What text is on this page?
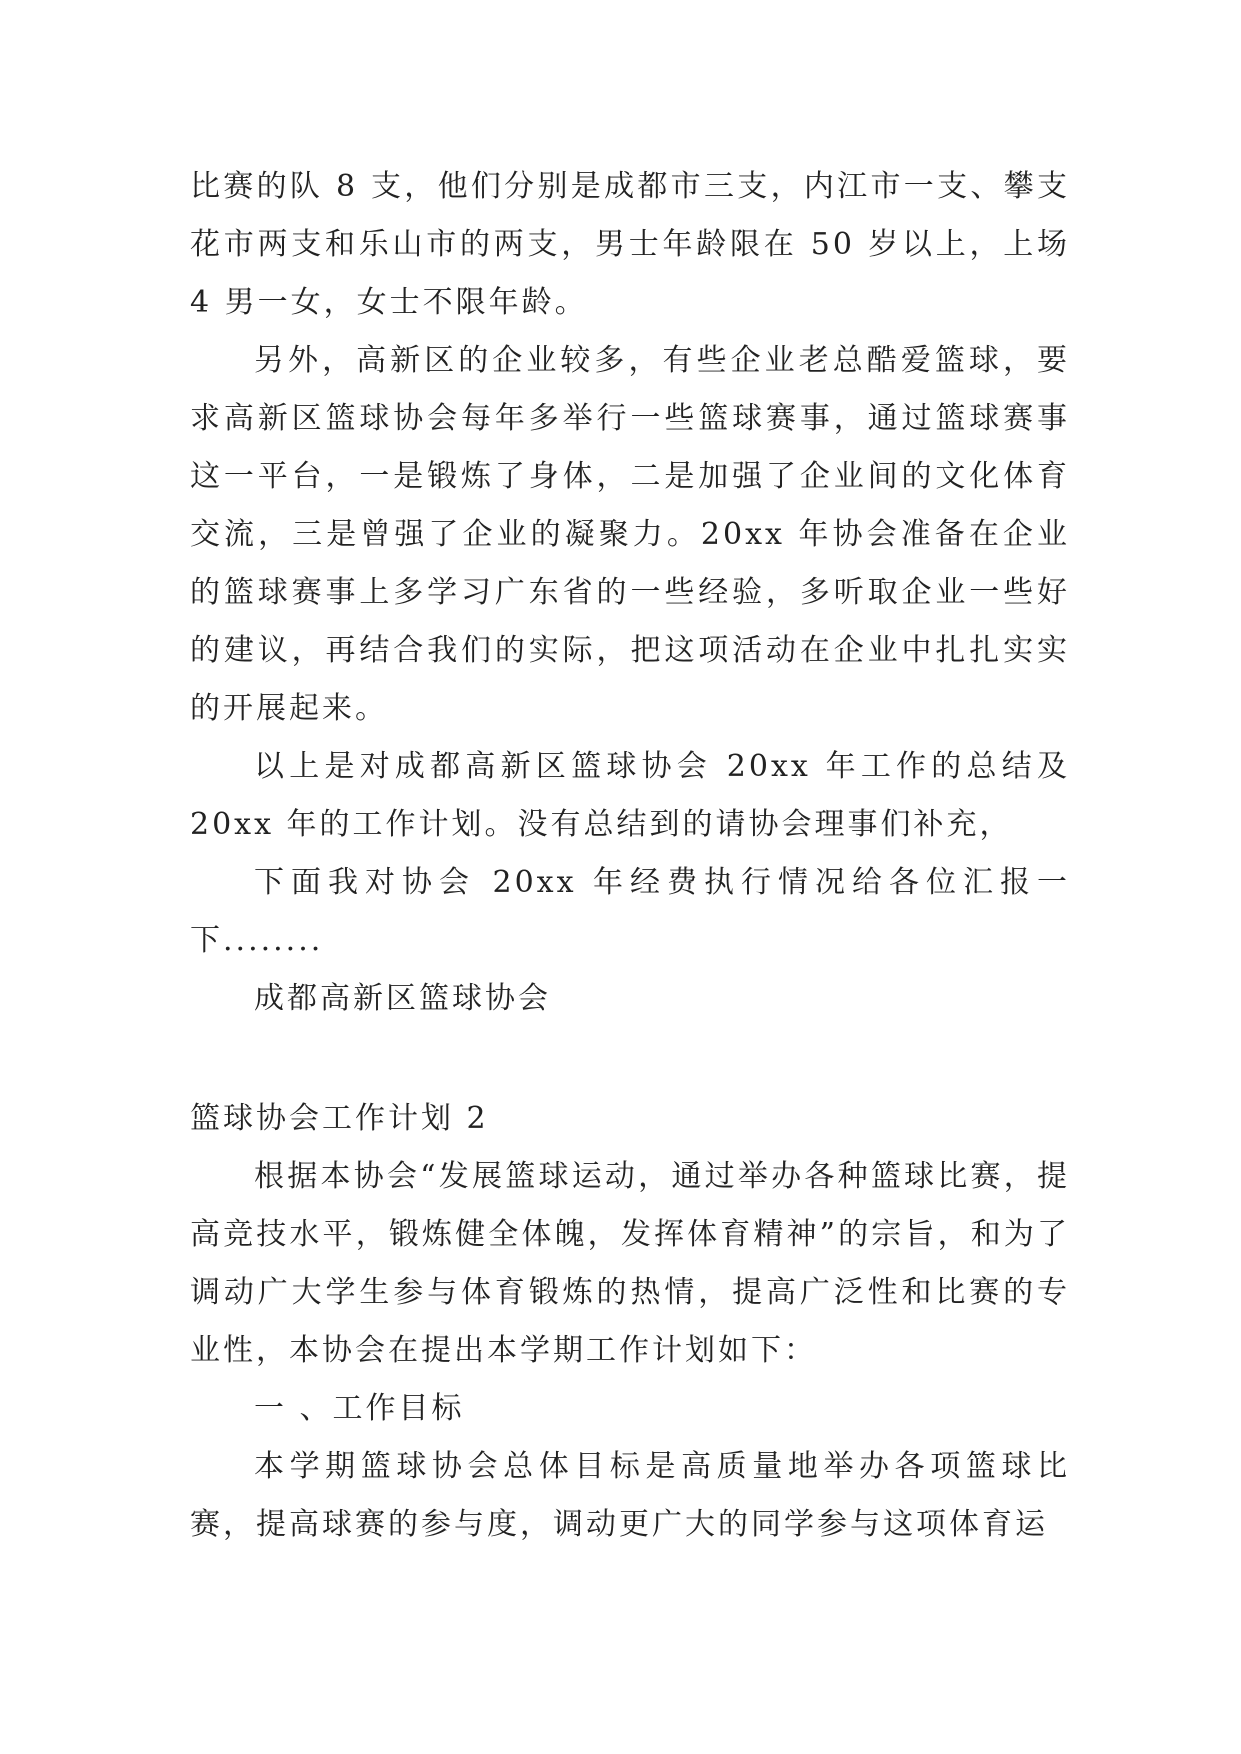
比赛的队 8 支，他们分别是成都市三支，内江市一支、攀支花市两支和乐山市的两支，男士年龄限在 50 岁以上，上场 4 男一女，女士不限年龄。

另外，高新区的企业较多，有些企业老总酷爱篮球，要求高新区篮球协会每年多举行一些篮球赛事，通过篮球赛事这一平台，一是锻炼了身体，二是加强了企业间的文化体育交流，三是曾强了企业的凝聚力。20xx 年协会准备在企业的篮球赛事上多学习广东省的一些经验，多听取企业一些好的建议，再结合我们的实际，把这项活动在企业中扎扎实实的开展起来。

以上是对成都高新区篮球协会 20xx 年工作的总结及 20xx 年的工作计划。没有总结到的请协会理事们补充，

下面我对协会 20xx 年经费执行情况给各位汇报一下........

成都高新区篮球协会

篮球协会工作计划 2

根据本协会“发展篮球运动，通过举办各种篮球比赛，提高竞技水平，锻炼健全体魄，发挥体育精神”的宗旨，和为了调动广大学生参与体育锻炼的热情，提高广泛性和比赛的专业性，本协会在提出本学期工作计划如下：

一 、工作目标

本学期篮球协会总体目标是高质量地举办各项篮球比赛，提高球赛的参与度，调动更广大的同学参与这项体育运
